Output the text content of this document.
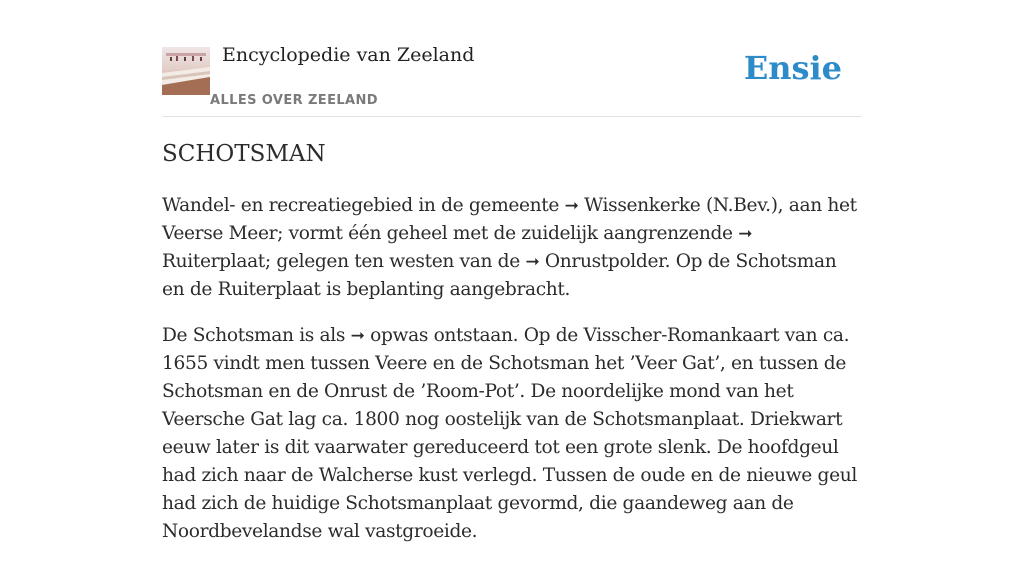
Encyclopedie van Zeeland
ALLES OVER ZEELAND
Ensie
SCHOTSMAN

Wandel- en recreatiegebied in de gemeente ➞ Wissenkerke (N.Bev.), aan het Veerse Meer; vormt één geheel met de zuidelijk aangrenzende ➞ Ruiterplaat; gelegen ten westen van de ➞ Onrustpolder. Op de Schotsman en de Ruiterplaat is beplanting aangebracht.

De Schotsman is als ➞ opwas ontstaan. Op de Visscher-Romankaart van ca. 1655 vindt men tussen Veere en de Schotsman het ’Veer Gat’, en tussen de Schotsman en de Onrust de ’Room-Pot’. De noordelijke mond van het Veersche Gat lag ca. 1800 nog oostelijk van de Schotsmanplaat. Driekwart eeuw later is dit vaarwater gereduceerd tot een grote slenk. De hoofdgeul had zich naar de Walcherse kust verlegd. Tussen de oude en de nieuwe geul had zich de huidige Schotsmanplaat gevormd, die gaandeweg aan de Noordbevelandse wal vastgroeide.
